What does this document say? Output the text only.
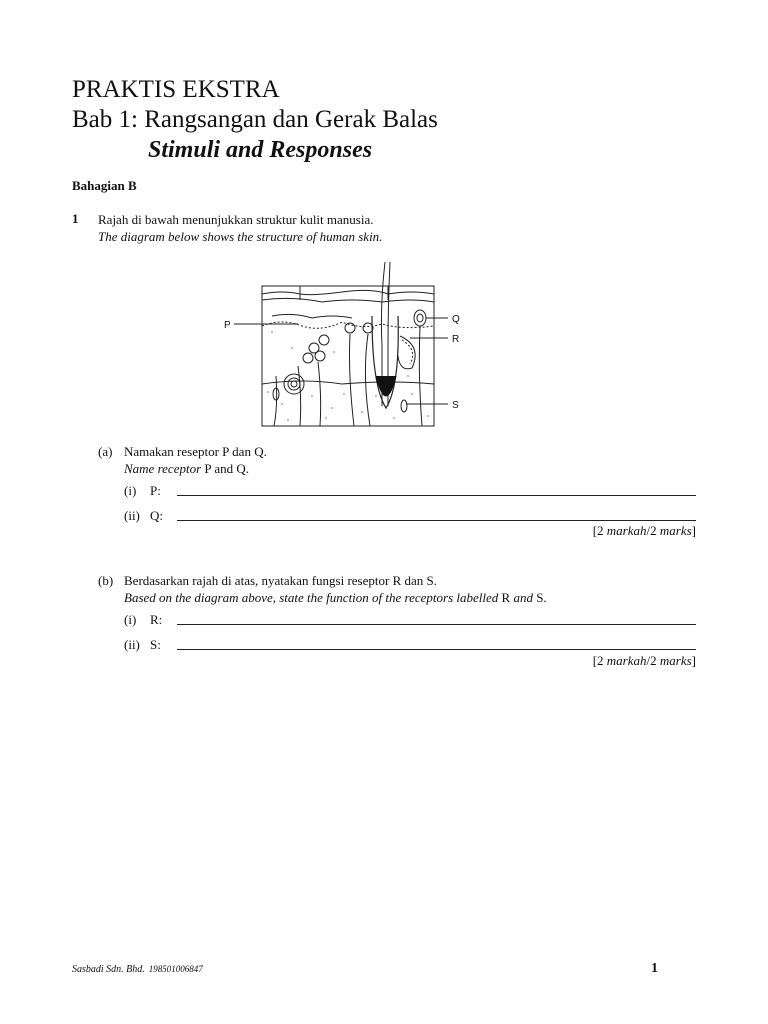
PRAKTIS EKSTRA
Bab 1: Rangsangan dan Gerak Balas
Stimuli and Responses
Bahagian B
1 Rajah di bawah menunjukkan struktur kulit manusia.
The diagram below shows the structure of human skin.
P
Q
R
S
(a) Namakan reseptor P dan Q.
Name receptor P and Q.
(i) P:
(ii) Q:
[2 markah/2 marks]
(b) Berdasarkan rajah di atas, nyatakan fungsi reseptor R dan S.
Based on the diagram above, state the function of the receptors labelled R and S.
(i) R:
(ii) S:
[2 markah/2 marks]
Sasbadi Sdn. Bhd. 198501006847	1
